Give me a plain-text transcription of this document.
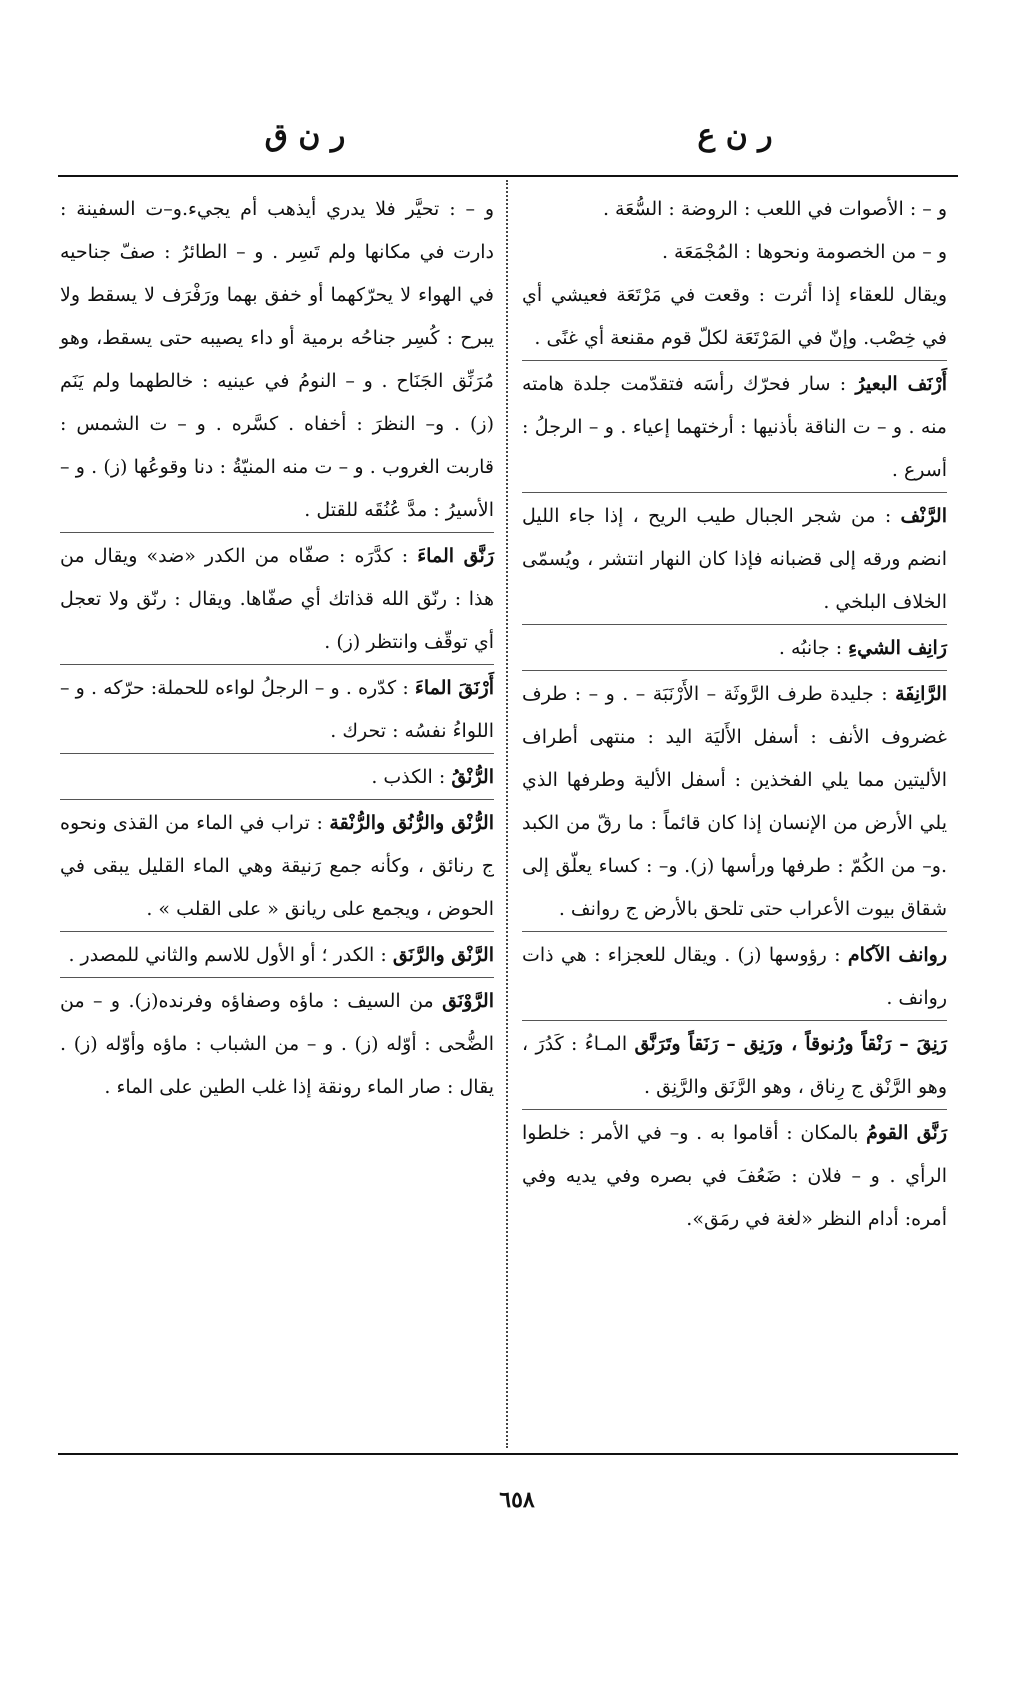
ر ن ع
ر ن ق
و – : الأصوات في اللعب : الروضة : السُّعَة .
و – من الخصومة ونحوها : المُجْمَعَة .
ويقال للعقاء إذا أثرت : وقعت في مَرْتَعَة فعيشي أي في خِصْب. وإنّ في المَرْتَعَة لكلّ قوم مقنعة أي غنًى .
أَرْنَف البعيرُ : سار فحرّك رأسَه فتقدّمت جلدة هامته منه . و – ت الناقة بأذنيها : أرختهما إعياء . و – الرجلُ : أسرع .
الرَّنْف : من شجر الجبال طيب الريح ، إذا جاء الليل انضم ورقه إلى قضبانه فإذا كان النهار انتشر ، ويُسمّى الخلاف البلخي .
رَانِف الشيءِ : جانبُه .
الرَّانِفَة : جليدة طرف الرَّوثَة – الأَرْنَبَة – . و – : طرف غضروف الأنف : أسفل الأَليَة اليد : منتهى أطراف الأليتين مما يلي الفخذين : أسفل الألية وطرفها الذي يلي الأرض من الإنسان إذا كان قائماً : ما رقّ من الكبد .و– من الكُمّ : طرفها ورأسها (ز). و– : كساء يعلّق إلى شقاق بيوت الأعراب حتى تلحق بالأرض ج روانف .
روانف الآكام : رؤوسها (ز) . ويقال للعجزاء : هي ذات روانف .
رَنِقَ – رَنْقاً ورُنوقاً ، ورَنِق – رَنَقاً وتَرَنَّق المـاءُ : كَدُرَ ، وهو الرَّنْق ج رِناق ، وهو الرَّنَق والرَّنِق .
رَنَّق القومُ بالمكان : أقاموا به . و– في الأمر : خلطوا الرأي . و – فلان : ضَعُفَ في بصره وفي يديه وفي أمره: أدام النظر «لغة في رمَق».
و – : تحيَّر فلا يدري أيذهب أم يجيء.و–ت السفينة : دارت في مكانها ولم تَسِر . و – الطائرُ : صفّ جناحيه في الهواء لا يحرّكهما أو خفق بهما ورَفْرَف لا يسقط ولا يبرح : كُسِر جناحُه برمية أو داء يصيبه حتى يسقط، وهو مُرَنِّق الجَنَاح . و – النومُ في عينيه : خالطهما ولم يَنَم (ز) . و– النظرَ : أخفاه . كسَّره . و – ت الشمس : قاربت الغروب . و – ت منه المنيّةُ : دنا وقوعُها (ز) . و – الأسيرُ : مدَّ عُنُقَه للقتل .
رَنَّق الماءَ : كدَّرَه : صفّاه من الكدر «ضد» ويقال من هذا : رنّق الله قذاتك أي صفّاها. ويقال : رنّق ولا تعجل أي توقّف وانتظر (ز) .
أَرْنَقَ الماءَ : كدّره . و – الرجلُ لواءه للحملة: حرّكه . و – اللواءُ نفسُه : تحرك .
الرُّنْقُ : الكذب .
الرُّنْق والرُّنُق والرُّنْقة : تراب في الماء من القذى ونحوه ج رنائق ، وكأنه جمع رَنيقة وهي الماء القليل يبقى في الحوض ، ويجمع على ريانق « على القلب » .
الرَّنْق والرَّنَق : الكدر ؛ أو الأول للاسم والثاني للمصدر .
الرَّوْنَق من السيف : ماؤه وصفاؤه وفرنده(ز). و – من الضُّحى : أوّله (ز) . و – من الشباب : ماؤه وأوّله (ز) . يقال : صار الماء رونقة إذا غلب الطين على الماء .
٦٥٨
